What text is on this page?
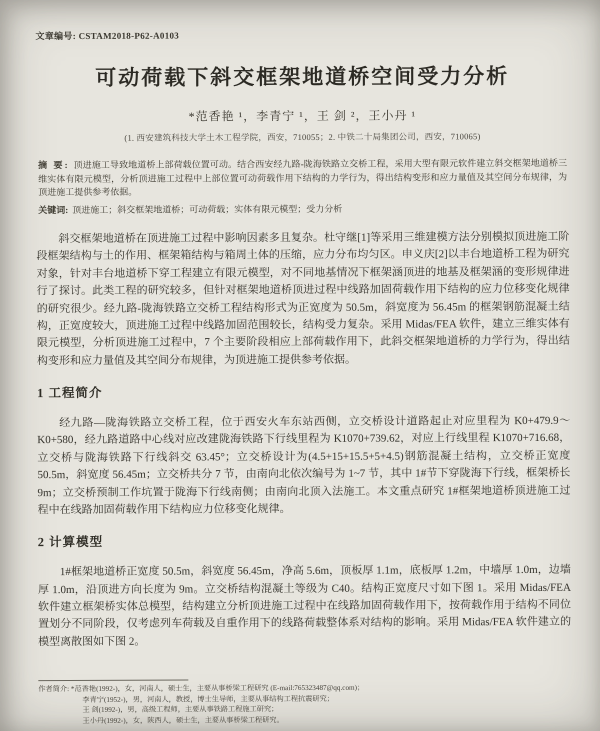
文章编号: CSTAM2018-P62-A0103
可动荷载下斜交框架地道桥空间受力分析
*范香艳 ¹，李青宁 ¹，王 剑 ²，王小丹 ¹
(1. 西安建筑科技大学土木工程学院，西安，710055；2. 中铁二十局集团公司，西安，710065)
摘 要: 顶进施工导致地道桥上部荷载位置可动。结合西安经九路-陇海铁路立交桥工程，采用大型有限元软件建立斜交框架地道桥三维实体有限元模型，分析顶进施工过程中上部位置可动荷载作用下结构的力学行为，得出结构变形和应力量值及其空间分布规律，为顶进施工提供参考依据。
关键词: 顶进施工；斜交框架地道桥；可动荷载；实体有限元模型；受力分析

斜交框架地道桥在顶进施工过程中影响因素多且复杂。杜守继[1]等采用三维建模方法分别模拟顶进施工阶段框架结构与土的作用、框架箱结构与箱周土体的压缩，应力分布均匀区。申义庆[2]以丰台地道桥工程为研究对象，针对丰台地道桥下穿工程建立有限元模型，对不同地基情况下框架涵顶进的地基及框架涵的变形规律进行了探讨。此类工程的研究较多，但针对框架地道桥顶进过程中线路加固荷载作用下结构的应力位移变化规律的研究很少。经九路-陇海铁路立交桥工程结构形式为正宽度为 50.5m，斜宽度为 56.45m 的框架钢筋混凝土结构，正宽度较大，顶进施工过程中线路加固范围较长，结构受力复杂。采用 Midas/FEA 软件，建立三维实体有限元模型，分析顶进施工过程中，7 个主要阶段相应上部荷载作用下，此斜交框架地道桥的力学行为，得出结构变形和应力量值及其空间分布规律，为顶进施工提供参考依据。

1 工程简介

经九路—陇海铁路立交桥工程，位于西安火车东站西侧，立交桥设计道路起止对应里程为 K0+479.9～K0+580，经九路道路中心线对应改建陇海铁路下行线里程为 K1070+739.62，对应上行线里程 K1070+716.68，立交桥与陇海铁路下行线斜交 63.45°；立交桥设计为(4.5+15+15.5+5+4.5)钢筋混凝土结构，立交桥正宽度 50.5m，斜宽度 56.45m；立交桥共分 7 节，由南向北依次编号为 1~7 节，其中 1#节下穿陇海下行线，框架桥长 9m；立交桥预制工作坑置于陇海下行线南侧；由南向北顶入法施工。本文重点研究 1#框架地道桥顶进施工过程中在线路加固荷载作用下结构应力位移变化规律。

2 计算模型

1#框架地道桥正宽度 50.5m，斜宽度 56.45m，净高 5.6m，顶板厚 1.1m，底板厚 1.2m，中墙厚 1.0m，边墙厚 1.0m，沿顶进方向长度为 9m。立交桥结构混凝土等级为 C40。结构正宽度尺寸如下图 1。采用 Midas/FEA 软件建立框架桥实体总模型，结构建立分析顶进施工过程中在线路加固荷载作用下，按荷载作用于结构不同位置划分不同阶段，仅考虑列车荷载及自重作用下的线路荷载整体系对结构的影响。采用 Midas/FEA 软件建立的模型离散图如下图 2。

作者简介: *范香艳(1992-)，女，河南人，硕士生，主要从事桥梁工程研究 (E-mail:765323487@qq.com)；
李青宁(1952-)，男，河南人，教授，博士生导师，主要从事结构工程抗震研究；
王 剑(1992-)，男，高级工程师，主要从事铁路工程施工研究；
王小丹(1992-)，女，陕西人，硕士生，主要从事桥梁工程研究。
